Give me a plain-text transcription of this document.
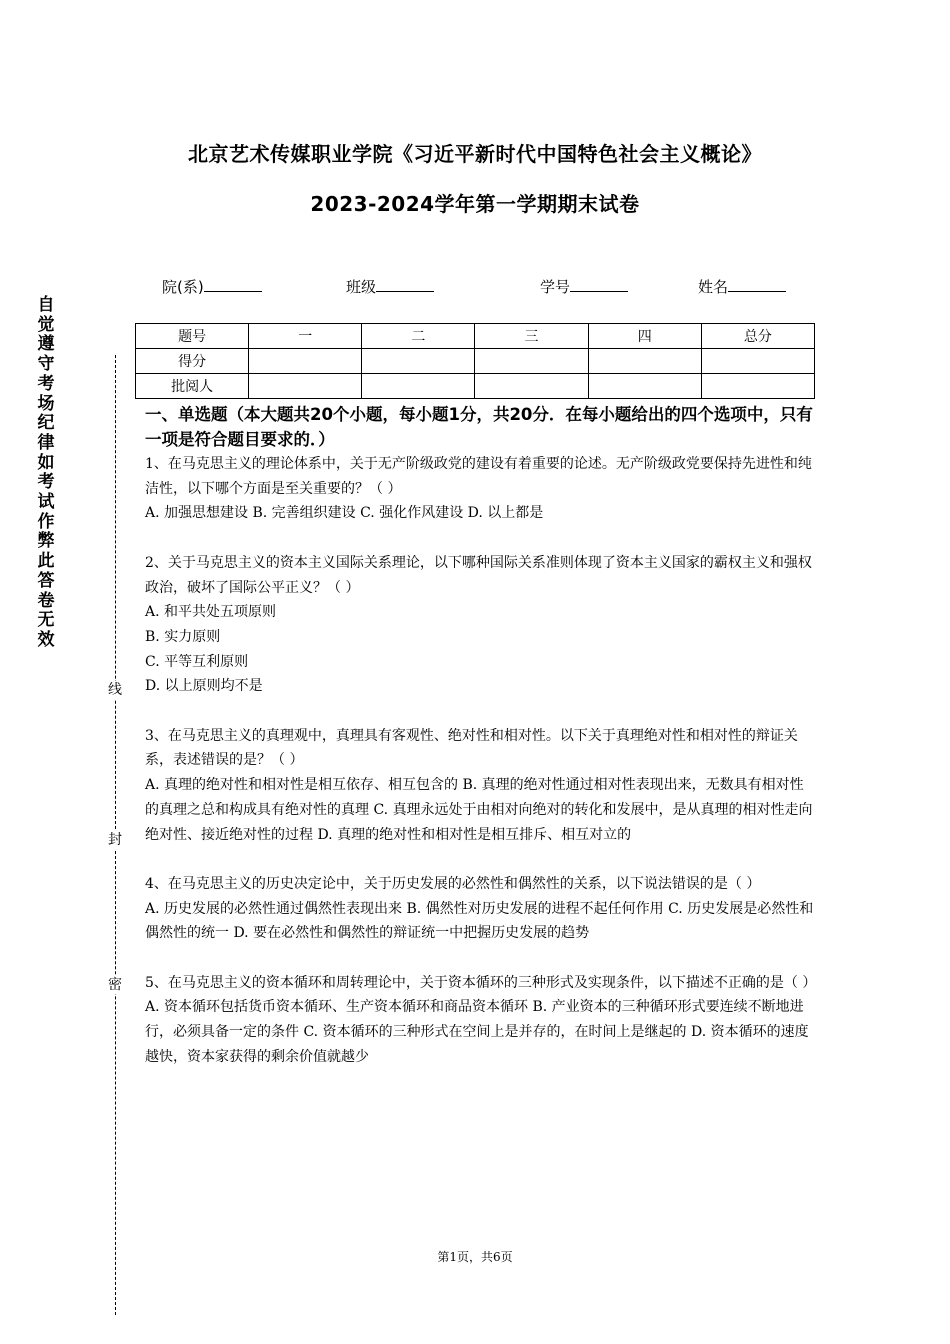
北京艺术传媒职业学院《习近平新时代中国特色社会主义概论》
2023-2024学年第一学期期末试卷
院(系)	班级	学号	姓名
题号	一	二	三	四	总分
得分					
批阅人					
自觉遵守考场纪律如考试作弊此答卷无效
线
封
密

一、单选题（本大题共20个小题，每小题1分，共20分．在每小题给出的四个选项中，只有一项是符合题目要求的．）

1、在马克思主义的理论体系中，关于无产阶级政党的建设有着重要的论述。无产阶级政党要保持先进性和纯洁性，以下哪个方面是至关重要的？（ ）

A. 加强思想建设 B. 完善组织建设 C. 强化作风建设 D. 以上都是

2、关于马克思主义的资本主义国际关系理论，以下哪种国际关系准则体现了资本主义国家的霸权主义和强权政治，破坏了国际公平正义？（ ）

A. 和平共处五项原则

B. 实力原则

C. 平等互利原则

D. 以上原则均不是

3、在马克思主义的真理观中，真理具有客观性、绝对性和相对性。以下关于真理绝对性和相对性的辩证关系，表述错误的是？（ ）

A. 真理的绝对性和相对性是相互依存、相互包含的 B. 真理的绝对性通过相对性表现出来，无数具有相对性的真理之总和构成具有绝对性的真理 C. 真理永远处于由相对向绝对的转化和发展中，是从真理的相对性走向绝对性、接近绝对性的过程 D. 真理的绝对性和相对性是相互排斥、相互对立的

4、在马克思主义的历史决定论中，关于历史发展的必然性和偶然性的关系，以下说法错误的是（ ）

A. 历史发展的必然性通过偶然性表现出来 B. 偶然性对历史发展的进程不起任何作用 C. 历史发展是必然性和偶然性的统一 D. 要在必然性和偶然性的辩证统一中把握历史发展的趋势

5、在马克思主义的资本循环和周转理论中，关于资本循环的三种形式及实现条件，以下描述不正确的是（ ）

A. 资本循环包括货币资本循环、生产资本循环和商品资本循环 B. 产业资本的三种循环形式要连续不断地进行，必须具备一定的条件 C. 资本循环的三种形式在空间上是并存的，在时间上是继起的 D. 资本循环的速度越快，资本家获得的剩余价值就越少

第1页，共6页
